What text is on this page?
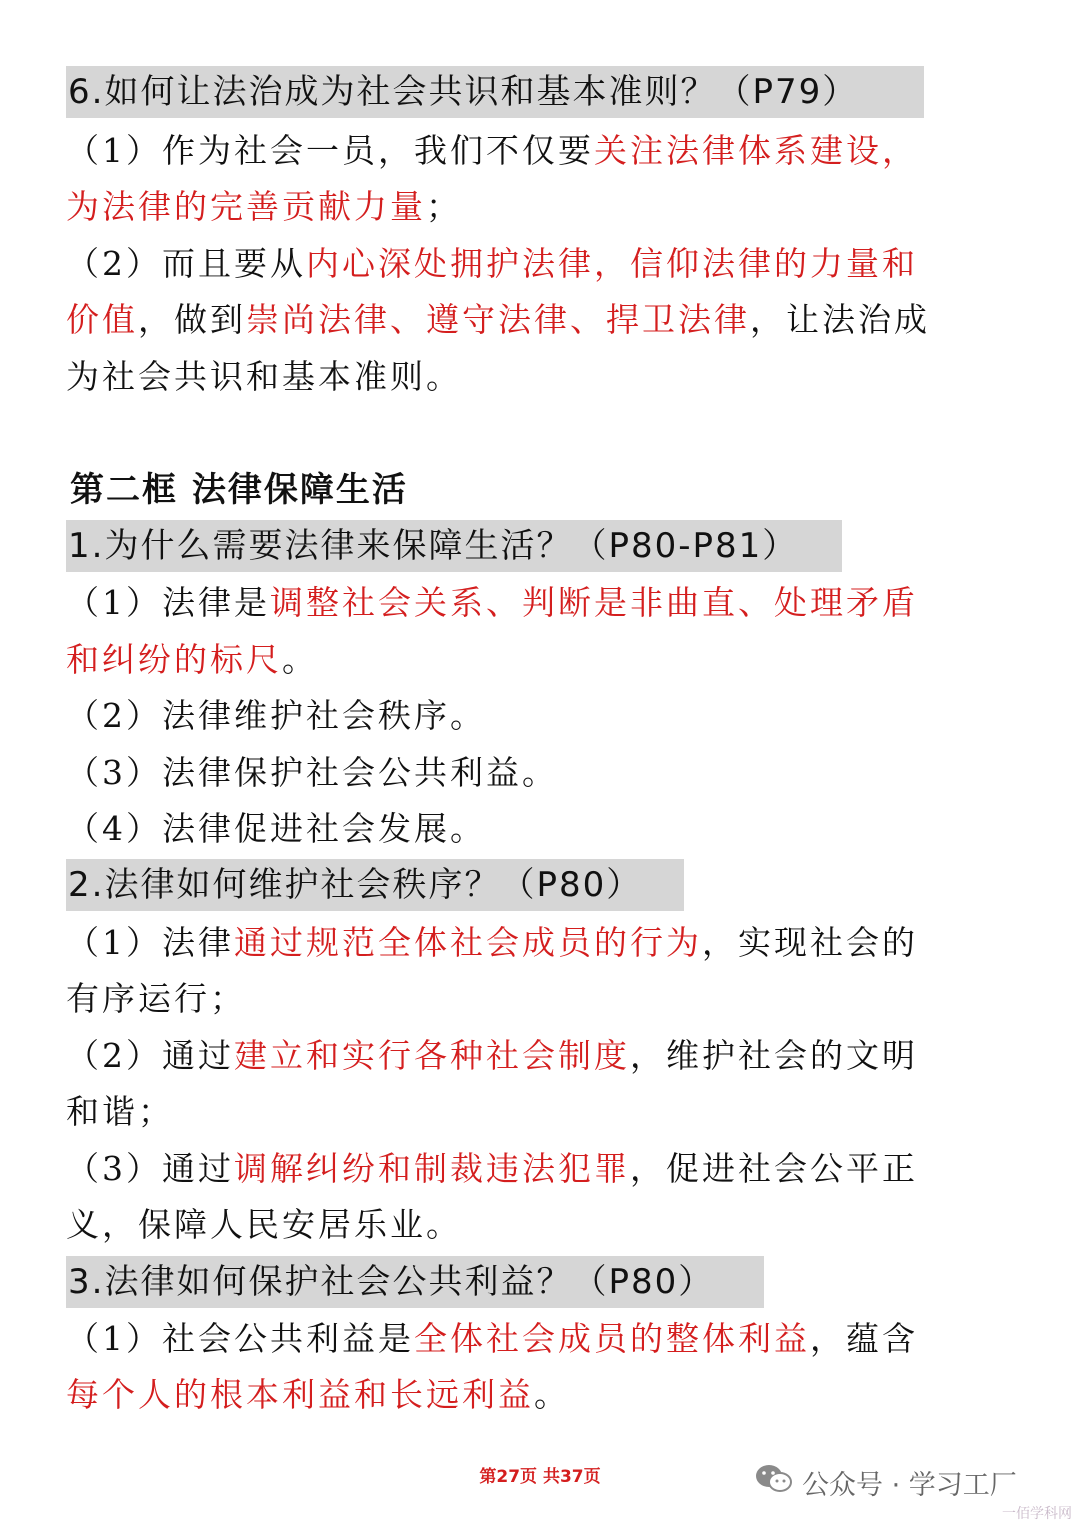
6.如何让法治成为社会共识和基本准则？（P79）
（1）作为社会一员，我们不仅要关注法律体系建设，
为法律的完善贡献力量；
（2）而且要从内心深处拥护法律，信仰法律的力量和
价值，做到崇尚法律、遵守法律、捍卫法律，让法治成
为社会共识和基本准则。
第二框 法律保障生活
1.为什么需要法律来保障生活？（P80-P81）
（1）法律是调整社会关系、判断是非曲直、处理矛盾
和纠纷的标尺。
（2）法律维护社会秩序。
（3）法律保护社会公共利益。
（4）法律促进社会发展。
2.法律如何维护社会秩序？（P80）
（1）法律通过规范全体社会成员的行为，实现社会的
有序运行；
（2）通过建立和实行各种社会制度，维护社会的文明
和谐；
（3）通过调解纠纷和制裁违法犯罪，促进社会公平正
义，保障人民安居乐业。
3.法律如何保护社会公共利益？（P80）
（1）社会公共利益是全体社会成员的整体利益，蕴含
每个人的根本利益和长远利益。
第27页 共37页	公众号 · 学习工厂
一佰学科网
